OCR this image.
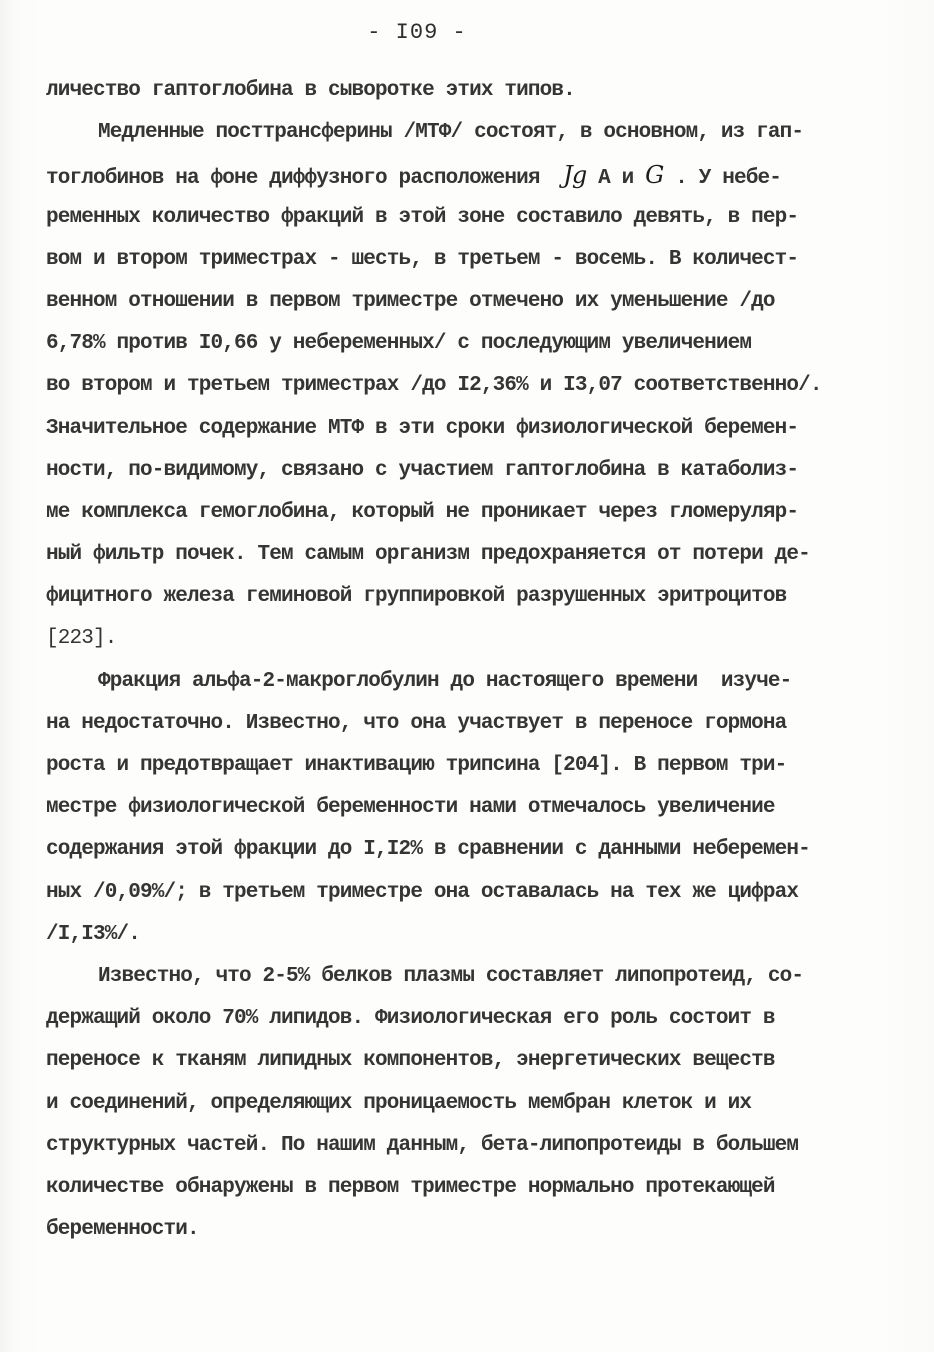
- I09 -
личество гаптоглобина в сыворотке этих типов.
Медленные посттрансферины /МТФ/ состоят, в основном, из гап-
тоглобинов на фоне диффузного расположения Jg A и G . У небе-
ременных количество фракций в этой зоне составило девять, в пер-
вом и втором триместрах - шесть, в третьем - восемь. В количест-
венном отношении в первом триместре отмечено их уменьшение /до
6,78% против I0,66 у небеременных/ с последующим увеличением
во втором и третьем триместрах /до I2,36% и I3,07 соответственно/.
Значительное содержание МТФ в эти сроки физиологической беремен-
ности, по-видимому, связано с участием гаптоглобина в катаболиз-
ме комплекса гемоглобина, который не проникает через гломеруляр-
ный фильтр почек. Тем самым организм предохраняется от потери де-
фицитного железа геминовой группировкой разрушенных эритроцитов
[223].
Фракция альфа-2-макроглобулин до настоящего времени  изуче-
на недостаточно. Известно, что она участвует в переносе гормона
роста и предотвращает инактивацию трипсина [204]. В первом три-
местре физиологической беременности нами отмечалось увеличение
содержания этой фракции до I,I2% в сравнении с данными неберемен-
ных /0,09%/; в третьем триместре она оставалась на тех же цифрах
/I,I3%/.
Известно, что 2-5% белков плазмы составляет липопротеид, со-
держащий около 70% липидов. Физиологическая его роль состоит в
переносе к тканям липидных компонентов, энергетических веществ
и соединений, определяющих проницаемость мембран клеток и их
структурных частей. По нашим данным, бета-липопротеиды в большем
количестве обнаружены в первом триместре нормально протекающей
беременности.
